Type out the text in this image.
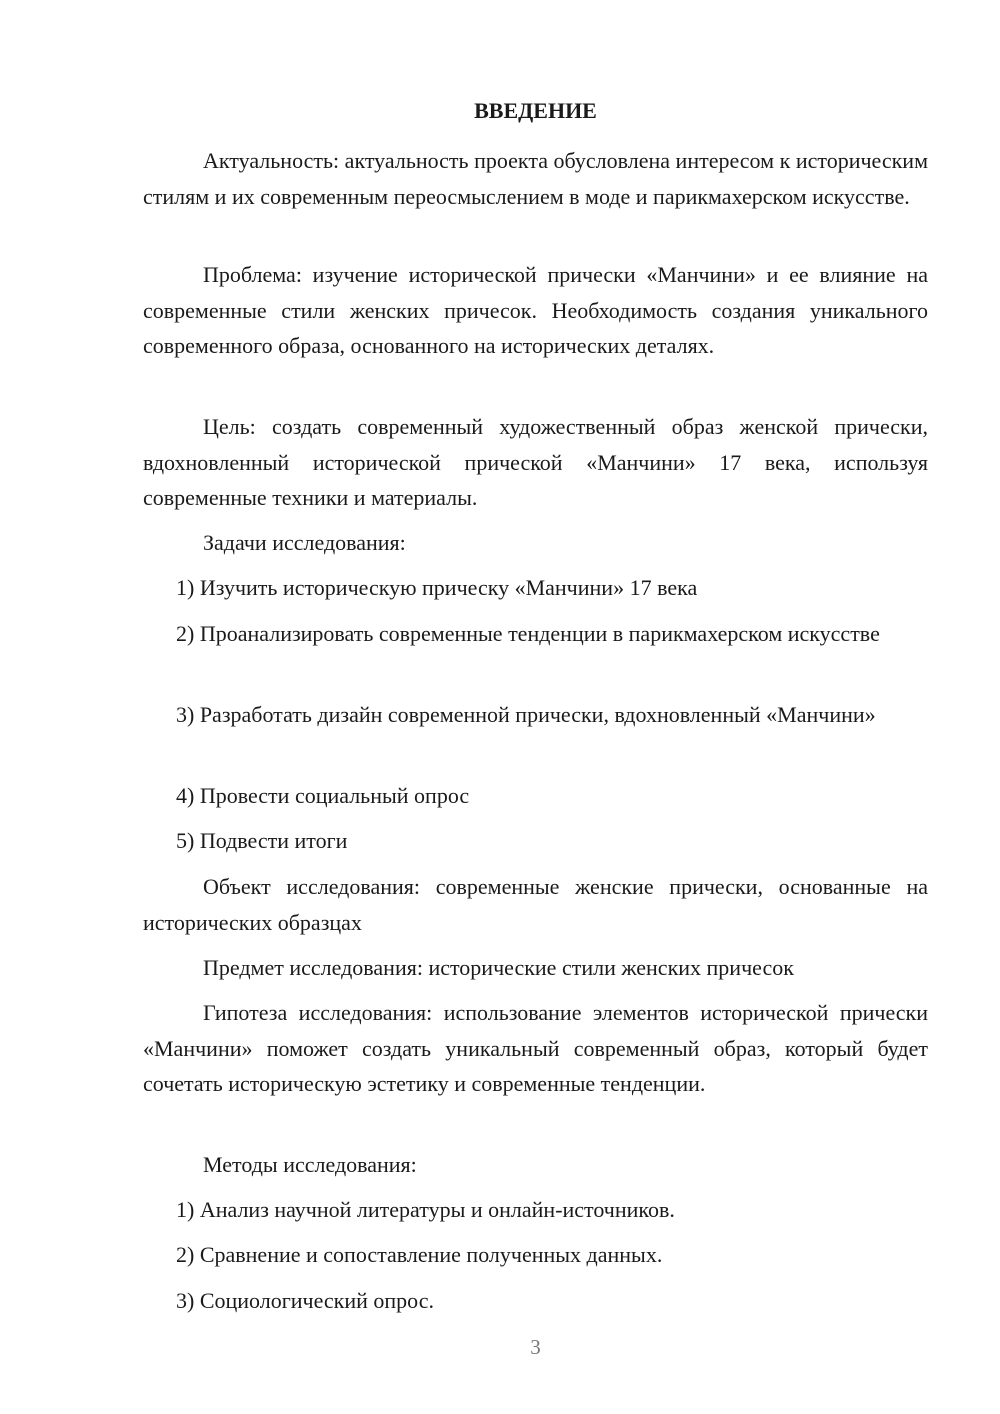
ВВЕДЕНИЕ
Актуальность: актуальность проекта обусловлена интересом к историческим стилям и их современным переосмыслением в моде и парикмахерском искусстве.
Проблема: изучение исторической прически «Манчини» и ее влияние на современные стили женских причесок. Необходимость создания уникального современного образа, основанного на исторических деталях.
Цель: создать современный художественный образ женской прически, вдохновленный исторической прической «Манчини» 17 века, используя современные техники и материалы.
Задачи исследования:
1) Изучить историческую прическу «Манчини» 17 века
2) Проанализировать современные тенденции в парикмахерском искусстве
3) Разработать дизайн современной прически, вдохновленный «Манчини»
4) Провести социальный опрос
5) Подвести итоги
Объект исследования: современные женские прически, основанные на исторических образцах
Предмет исследования: исторические стили женских причесок
Гипотеза исследования: использование элементов исторической прически «Манчини» поможет создать уникальный современный образ, который будет сочетать историческую эстетику и современные тенденции.
Методы исследования:
1) Анализ научной литературы и онлайн-источников.
2) Сравнение и сопоставление полученных данных.
3) Социологический опрос.
3
